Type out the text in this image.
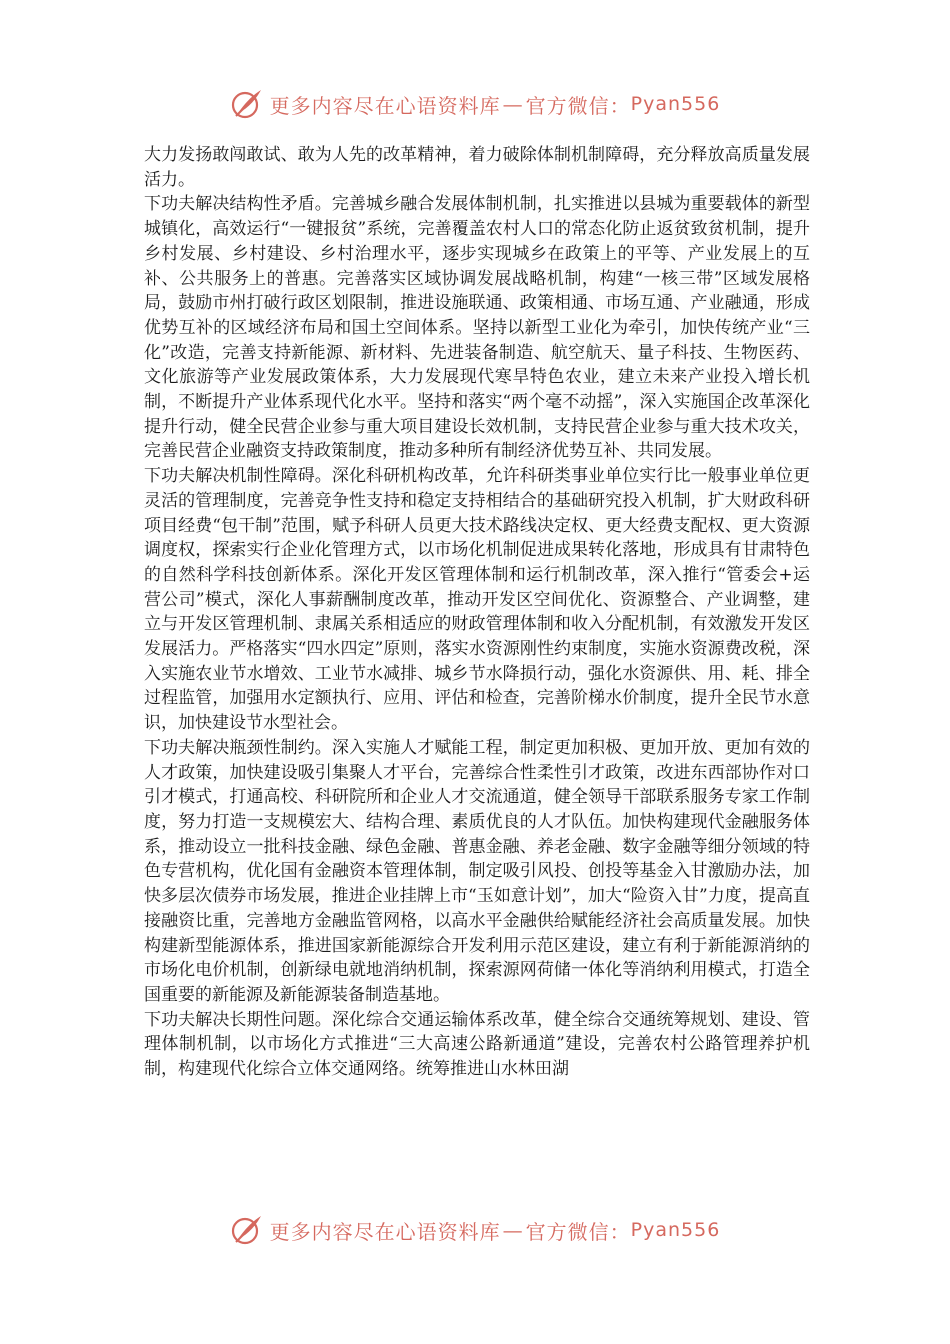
更多内容尽在心语资料库 — 官方微信： Pyan556

大力发扬敢闯敢试、敢为人先的改革精神，着力破除体制机制障碍，充分释放高质量发展活力。

下功夫解决结构性矛盾。完善城乡融合发展体制机制，扎实推进以县城为重要载体的新型城镇化，高效运行“一键报贫”系统，完善覆盖农村人口的常态化防止返贫致贫机制，提升乡村发展、乡村建设、乡村治理水平，逐步实现城乡在政策上的平等、产业发展上的互补、公共服务上的普惠。完善落实区域协调发展战略机制，构建“一核三带”区域发展格局，鼓励市州打破行政区划限制，推进设施联通、政策相通、市场互通、产业融通，形成优势互补的区域经济布局和国土空间体系。坚持以新型工业化为牵引，加快传统产业“三化”改造，完善支持新能源、新材料、先进装备制造、航空航天、量子科技、生物医药、文化旅游等产业发展政策体系，大力发展现代寒旱特色农业，建立未来产业投入增长机制，不断提升产业体系现代化水平。坚持和落实“两个毫不动摇”，深入实施国企改革深化提升行动，健全民营企业参与重大项目建设长效机制，支持民营企业参与重大技术攻关，完善民营企业融资支持政策制度，推动多种所有制经济优势互补、共同发展。

下功夫解决机制性障碍。深化科研机构改革，允许科研类事业单位实行比一般事业单位更灵活的管理制度，完善竞争性支持和稳定支持相结合的基础研究投入机制，扩大财政科研项目经费“包干制”范围，赋予科研人员更大技术路线决定权、更大经费支配权、更大资源调度权，探索实行企业化管理方式，以市场化机制促进成果转化落地，形成具有甘肃特色的自然科学科技创新体系。深化开发区管理体制和运行机制改革，深入推行“管委会+运营公司”模式，深化人事薪酬制度改革，推动开发区空间优化、资源整合、产业调整，建立与开发区管理机制、隶属关系相适应的财政管理体制和收入分配机制，有效激发开发区发展活力。严格落实“四水四定”原则，落实水资源刚性约束制度，实施水资源费改税，深入实施农业节水增效、工业节水减排、城乡节水降损行动，强化水资源供、用、耗、排全过程监管，加强用水定额执行、应用、评估和检查，完善阶梯水价制度，提升全民节水意识，加快建设节水型社会。

下功夫解决瓶颈性制约。深入实施人才赋能工程，制定更加积极、更加开放、更加有效的人才政策，加快建设吸引集聚人才平台，完善综合性柔性引才政策，改进东西部协作对口引才模式，打通高校、科研院所和企业人才交流通道，健全领导干部联系服务专家工作制度，努力打造一支规模宏大、结构合理、素质优良的人才队伍。加快构建现代金融服务体系，推动设立一批科技金融、绿色金融、普惠金融、养老金融、数字金融等细分领域的特色专营机构，优化国有金融资本管理体制，制定吸引风投、创投等基金入甘激励办法，加快多层次债券市场发展，推进企业挂牌上市“玉如意计划”，加大“险资入甘”力度，提高直接融资比重，完善地方金融监管网格，以高水平金融供给赋能经济社会高质量发展。加快构建新型能源体系，推进国家新能源综合开发利用示范区建设，建立有利于新能源消纳的市场化电价机制，创新绿电就地消纳机制，探索源网荷储一体化等消纳利用模式，打造全国重要的新能源及新能源装备制造基地。

下功夫解决长期性问题。深化综合交通运输体系改革，健全综合交通统筹规划、建设、管理体制机制，以市场化方式推进“三大高速公路新通道”建设，完善农村公路管理养护机制，构建现代化综合立体交通网络。统筹推进山水林田湖

更多内容尽在心语资料库 — 官方微信： Pyan556
